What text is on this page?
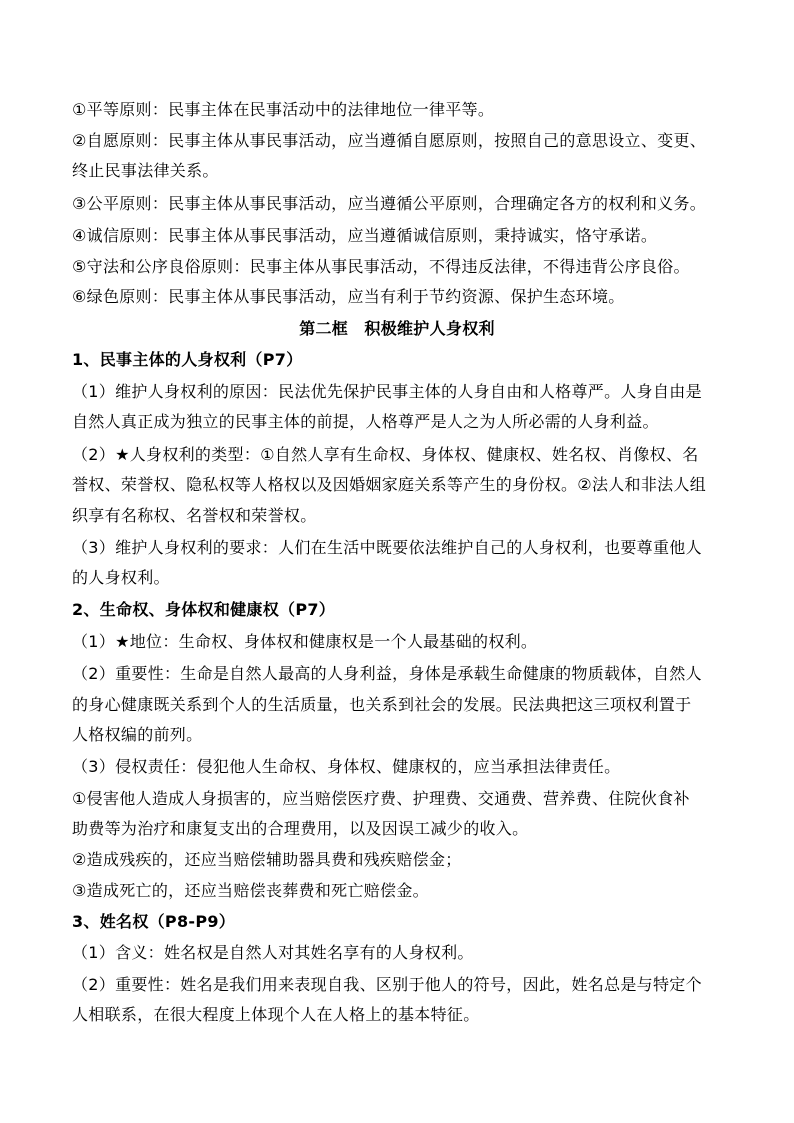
①平等原则：民事主体在民事活动中的法律地位一律平等。
②自愿原则：民事主体从事民事活动，应当遵循自愿原则，按照自己的意思设立、变更、
终止民事法律关系。
③公平原则：民事主体从事民事活动，应当遵循公平原则，合理确定各方的权利和义务。
④诚信原则：民事主体从事民事活动，应当遵循诚信原则，秉持诚实，恪守承诺。
⑤守法和公序良俗原则：民事主体从事民事活动，不得违反法律，不得违背公序良俗。
⑥绿色原则：民事主体从事民事活动，应当有利于节约资源、保护生态环境。
第二框　积极维护人身权利
1、民事主体的人身权利（P7）
（1）维护人身权利的原因：民法优先保护民事主体的人身自由和人格尊严。人身自由是
自然人真正成为独立的民事主体的前提，人格尊严是人之为人所必需的人身利益。
（2）★人身权利的类型：①自然人享有生命权、身体权、健康权、姓名权、肖像权、名
誉权、荣誉权、隐私权等人格权以及因婚姻家庭关系等产生的身份权。②法人和非法人组
织享有名称权、名誉权和荣誉权。
（3）维护人身权利的要求：人们在生活中既要依法维护自己的人身权利，也要尊重他人
的人身权利。
2、生命权、身体权和健康权（P7）
（1）★地位：生命权、身体权和健康权是一个人最基础的权利。
（2）重要性：生命是自然人最高的人身利益，身体是承载生命健康的物质载体，自然人
的身心健康既关系到个人的生活质量，也关系到社会的发展。民法典把这三项权利置于
人格权编的前列。
（3）侵权责任：侵犯他人生命权、身体权、健康权的，应当承担法律责任。
①侵害他人造成人身损害的，应当赔偿医疗费、护理费、交通费、营养费、住院伙食补
助费等为治疗和康复支出的合理费用，以及因误工减少的收入。
②造成残疾的，还应当赔偿辅助器具费和残疾赔偿金；
③造成死亡的，还应当赔偿丧葬费和死亡赔偿金。
3、姓名权（P8-P9）
（1）含义：姓名权是自然人对其姓名享有的人身权利。
（2）重要性：姓名是我们用来表现自我、区别于他人的符号，因此，姓名总是与特定个
人相联系，在很大程度上体现个人在人格上的基本特征。
